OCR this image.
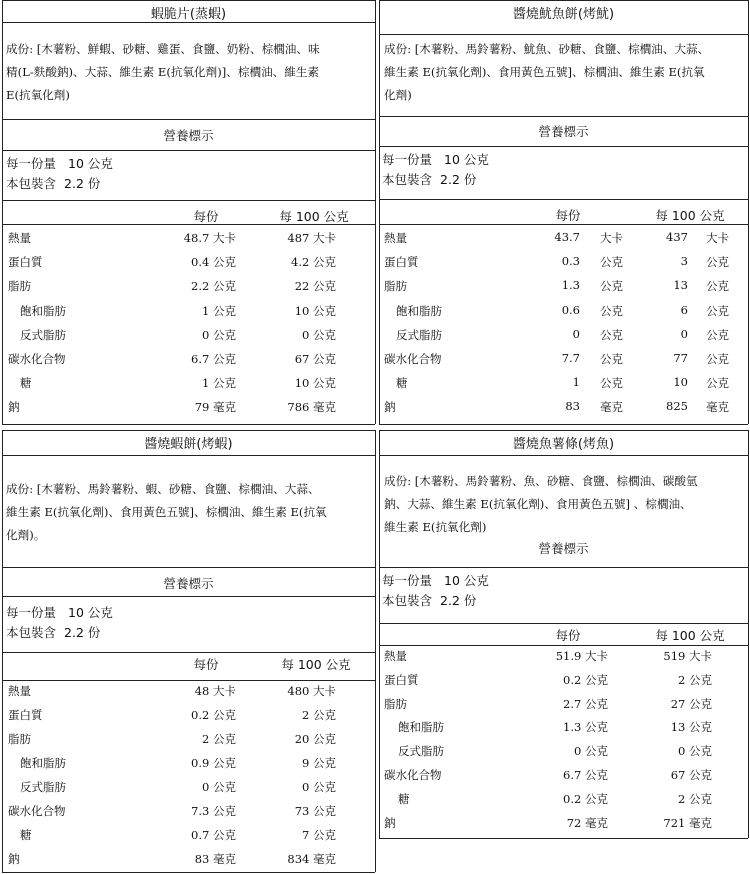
蝦脆片(蒸蝦)
成份: [木薯粉、鮮蝦、砂糖、雞蛋、食鹽、奶粉、棕櫚油、味
精(L-麩酸鈉)、大蒜、維生素 E(抗氧化劑)]、棕櫚油、維生素
E(抗氧化劑)
營養標示
每一份量 10 公克
本包裝含 2.2 份
每份	每 100 公克
熱量	48.7 大卡	487 大卡
蛋白質	0.4 公克	4.2 公克
脂肪	2.2 公克	22 公克
飽和脂肪	1 公克	10 公克
反式脂肪	0 公克	0 公克
碳水化合物	6.7 公克	67 公克
糖	1 公克	10 公克
鈉	79 毫克	786 毫克
醬燒魷魚餅(烤魷)
成份: [木薯粉、馬鈴薯粉、魷魚、砂糖、食鹽、棕櫚油、大蒜、
維生素 E(抗氧化劑)、食用黃色五號]、棕櫚油、維生素 E(抗氧
化劑)
營養標示
每一份量 10 公克
本包裝含 2.2 份
每份	每 100 公克
熱量	43.7 大卡	437 大卡
蛋白質	0.3 公克	3 公克
脂肪	1.3 公克	13 公克
飽和脂肪	0.6 公克	6 公克
反式脂肪	0 公克	0 公克
碳水化合物	7.7 公克	77 公克
糖	1 公克	10 公克
鈉	83 毫克	825 毫克
醬燒蝦餅(烤蝦)
成份: [木薯粉、馬鈴薯粉、蝦、砂糖、食鹽、棕櫚油、大蒜、
維生素 E(抗氧化劑)、食用黃色五號]、棕櫚油、維生素 E(抗氧
化劑)。
營養標示
每一份量 10 公克
本包裝含 2.2 份
每份	每 100 公克
熱量	48 大卡	480 大卡
蛋白質	0.2 公克	2 公克
脂肪	2 公克	20 公克
飽和脂肪	0.9 公克	9 公克
反式脂肪	0 公克	0 公克
碳水化合物	7.3 公克	73 公克
糖	0.7 公克	7 公克
鈉	83 毫克	834 毫克
醬燒魚薯條(烤魚)
成份: [木薯粉、馬鈴薯粉、魚、砂糖、食鹽、棕櫚油、碳酸氫
鈉、大蒜、維生素 E(抗氧化劑)、食用黃色五號] 、棕櫚油、
維生素 E(抗氧化劑)
營養標示
每一份量 10 公克
本包裝含 2.2 份
每份	每 100 公克
熱量	51.9 大卡	519 大卡
蛋白質	0.2 公克	2 公克
脂肪	2.7 公克	27 公克
飽和脂肪	1.3 公克	13 公克
反式脂肪	0 公克	0 公克
碳水化合物	6.7 公克	67 公克
糖	0.2 公克	2 公克
鈉	72 毫克	721 毫克
